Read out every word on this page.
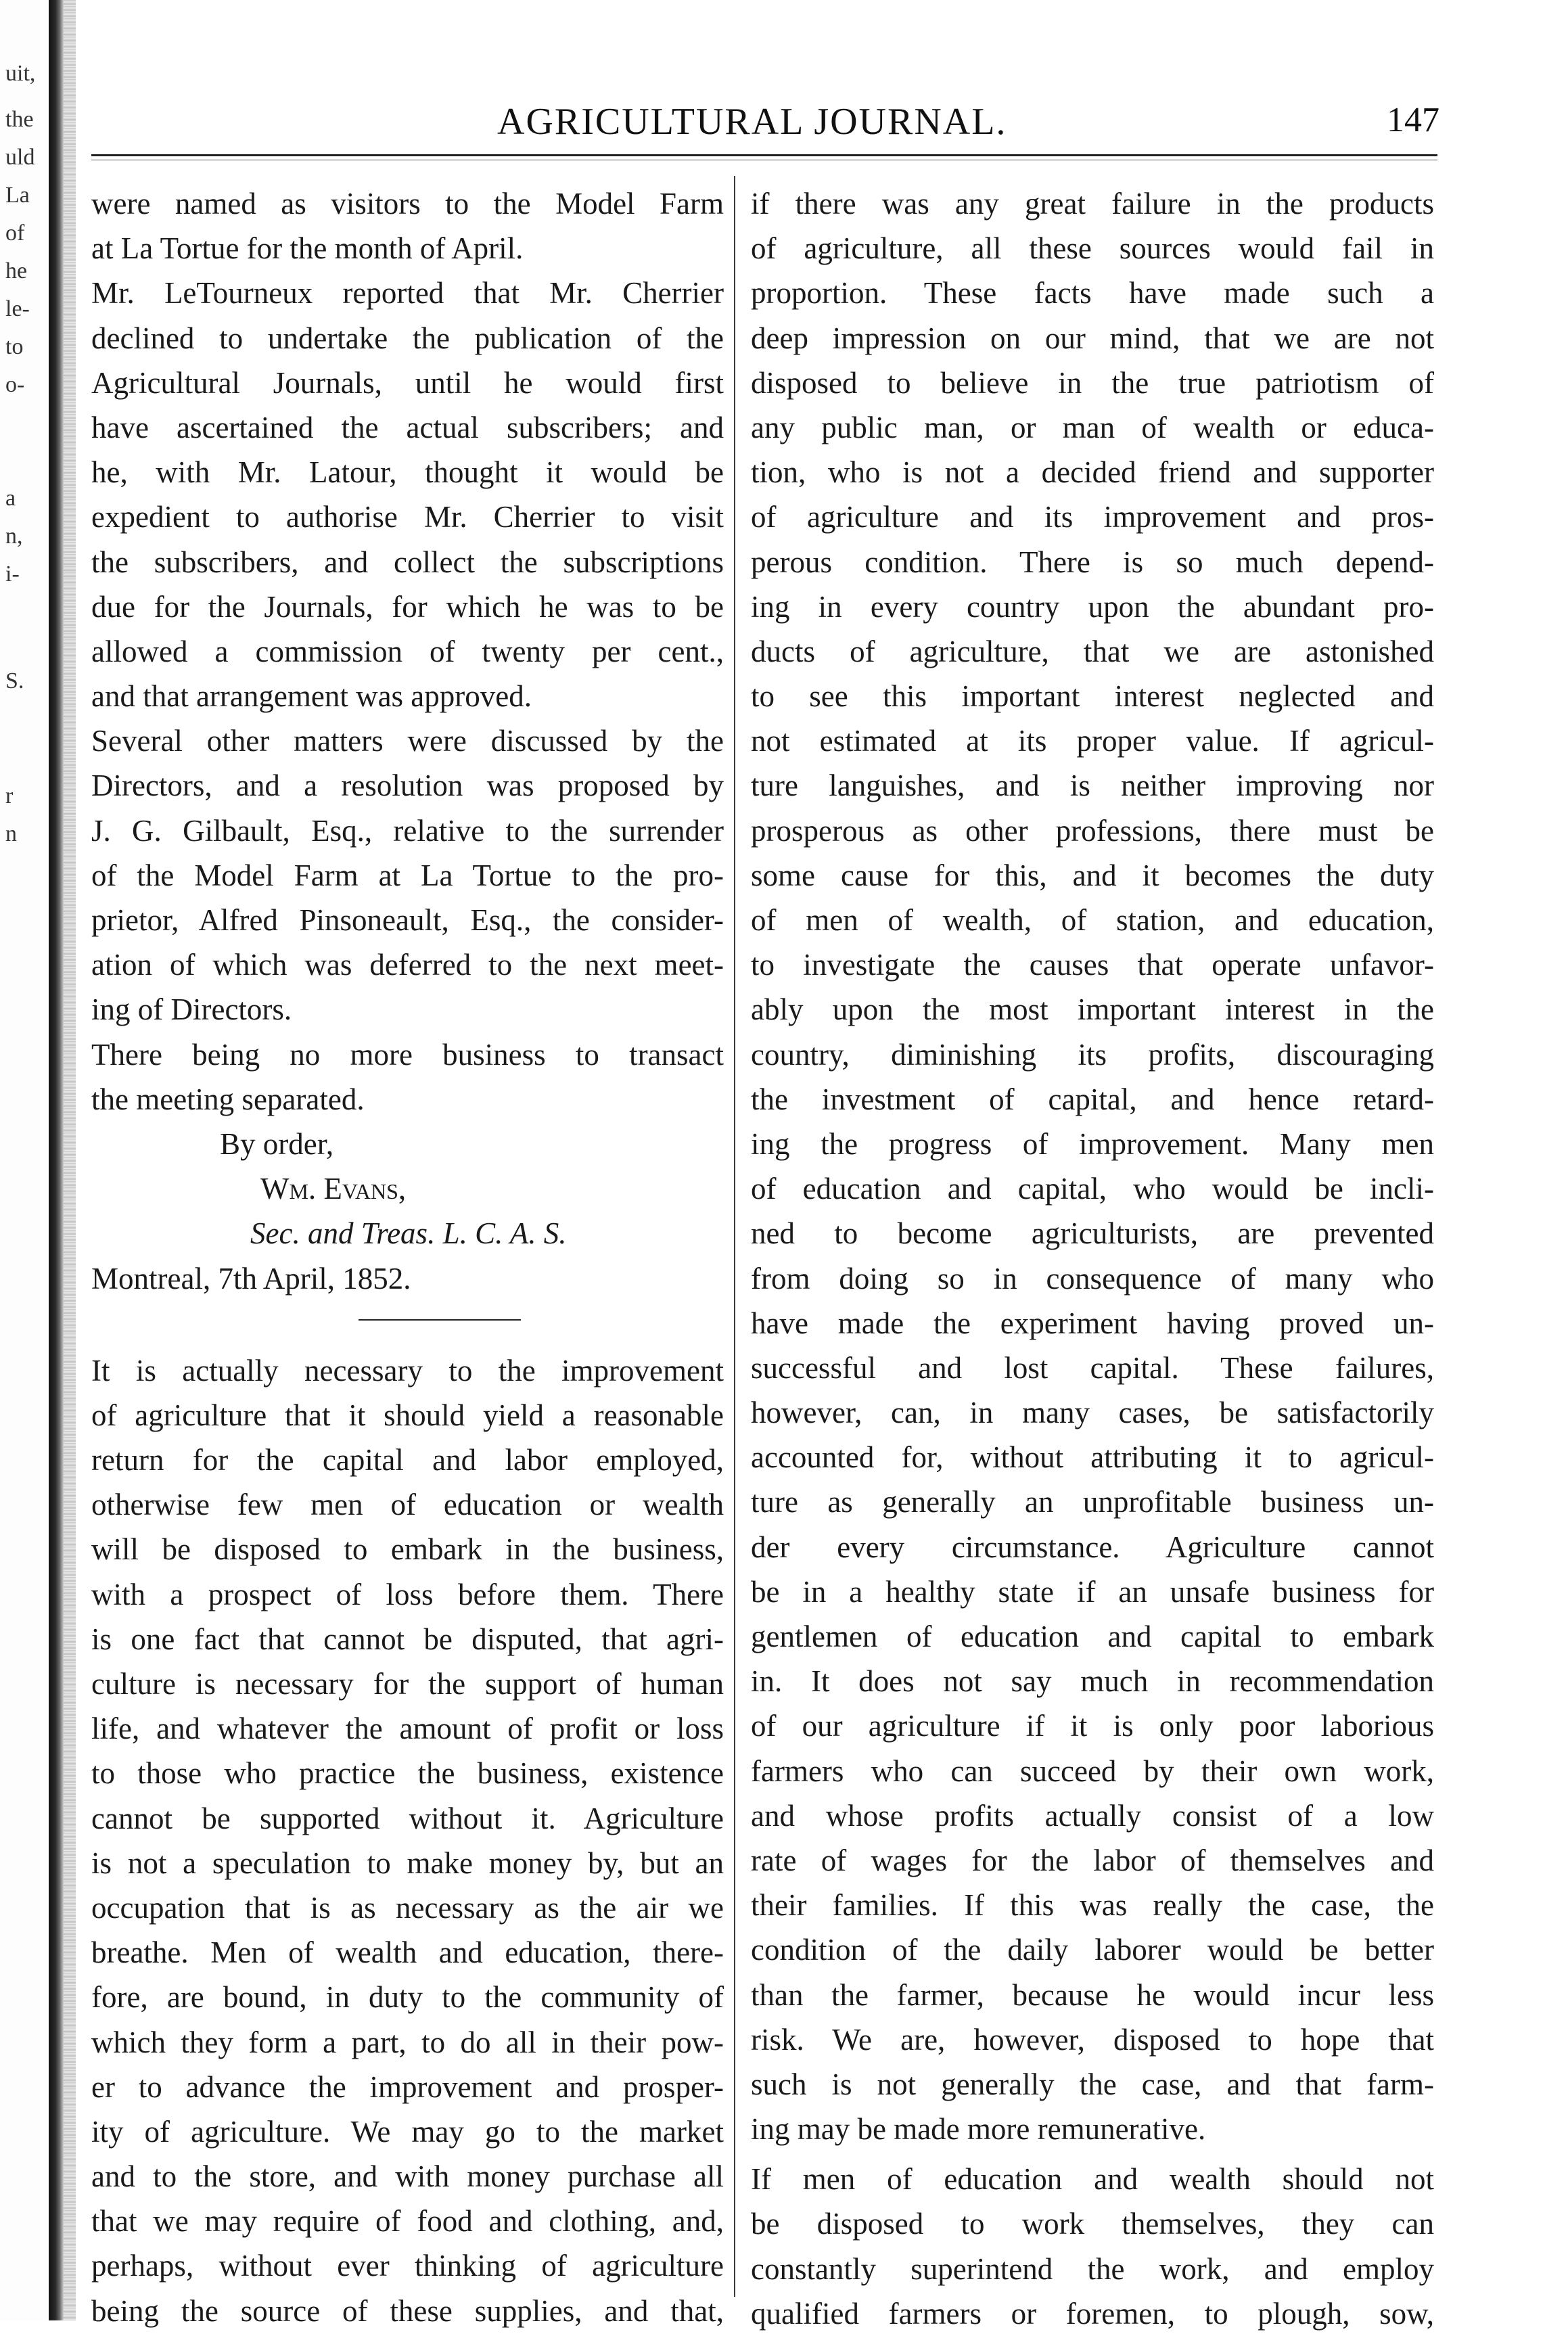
uit,
the
uld
La
of
he
le-
to
o-
a
n,
i-
S.
r
n
AGRICULTURAL JOURNAL.	147
were named as visitors to the Model Farm
at La Tortue for the month of April.
Mr. LeTourneux reported that Mr. Cherrier
declined to undertake the publication of the
Agricultural Journals, until he would first
have ascertained the actual subscribers; and
he, with Mr. Latour, thought it would be
expedient to authorise Mr. Cherrier to visit
the subscribers, and collect the subscriptions
due for the Journals, for which he was to be
allowed a commission of twenty per cent.,
and that arrangement was approved.
Several other matters were discussed by the
Directors, and a resolution was proposed by
J. G. Gilbault, Esq., relative to the surrender
of the Model Farm at La Tortue to the pro-
prietor, Alfred Pinsoneault, Esq., the consider-
ation of which was deferred to the next meet-
ing of Directors.
There being no more business to transact
the meeting separated.
By order,
Wm. Evans,
Sec. and Treas. L. C. A. S.
Montreal, 7th April, 1852.
It is actually necessary to the improvement
of agriculture that it should yield a reasonable
return for the capital and labor employed,
otherwise few men of education or wealth
will be disposed to embark in the business,
with a prospect of loss before them. There
is one fact that cannot be disputed, that agri-
culture is necessary for the support of human
life, and whatever the amount of profit or loss
to those who practice the business, existence
cannot be supported without it. Agriculture
is not a speculation to make money by, but an
occupation that is as necessary as the air we
breathe. Men of wealth and education, there-
fore, are bound, in duty to the community of
which they form a part, to do all in their pow-
er to advance the improvement and prosper-
ity of agriculture. We may go to the market
and to the store, and with money purchase all
that we may require of food and clothing, and,
perhaps, without ever thinking of agriculture
being the source of these supplies, and that,
if there was any great failure in the products
of agriculture, all these sources would fail in
proportion. These facts have made such a
deep impression on our mind, that we are not
disposed to believe in the true patriotism of
any public man, or man of wealth or educa-
tion, who is not a decided friend and supporter
of agriculture and its improvement and pros-
perous condition. There is so much depend-
ing in every country upon the abundant pro-
ducts of agriculture, that we are astonished
to see this important interest neglected and
not estimated at its proper value. If agricul-
ture languishes, and is neither improving nor
prosperous as other professions, there must be
some cause for this, and it becomes the duty
of men of wealth, of station, and education,
to investigate the causes that operate unfavor-
ably upon the most important interest in the
country, diminishing its profits, discouraging
the investment of capital, and hence retard-
ing the progress of improvement. Many men
of education and capital, who would be incli-
ned to become agriculturists, are prevented
from doing so in consequence of many who
have made the experiment having proved un-
successful and lost capital. These failures,
however, can, in many cases, be satisfactorily
accounted for, without attributing it to agricul-
ture as generally an unprofitable business un-
der every circumstance. Agriculture cannot
be in a healthy state if an unsafe business for
gentlemen of education and capital to embark
in. It does not say much in recommendation
of our agriculture if it is only poor laborious
farmers who can succeed by their own work,
and whose profits actually consist of a low
rate of wages for the labor of themselves and
their families. If this was really the case, the
condition of the daily laborer would be better
than the farmer, because he would incur less
risk. We are, however, disposed to hope that
such is not generally the case, and that farm-
ing may be made more remunerative.
If men of education and wealth should not
be disposed to work themselves, they can
constantly superintend the work, and employ
qualified farmers or foremen, to plough, sow,
